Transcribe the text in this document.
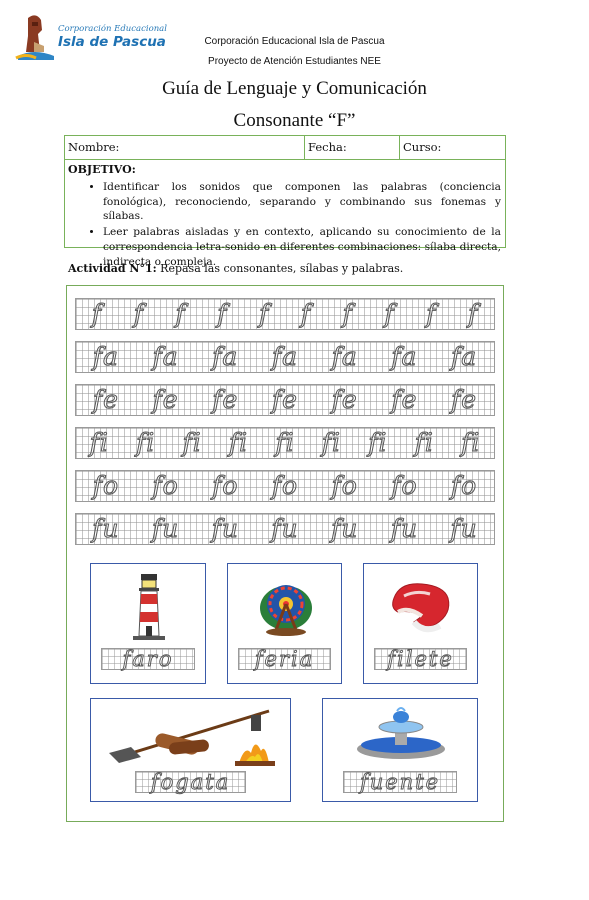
Corporación Educacional
Isla de Pascua	Corporación Educacional Isla de Pascua
Proyecto de Atención Estudiantes NEE
Guía de Lenguaje y Comunicación
Consonante “F”
Nombre:	Fecha:	Curso:
OBJETIVO:
• Identificar los sonidos que componen las palabras (conciencia fonológica), reconociendo, separando y combinando sus fonemas y sílabas.
• Leer palabras aisladas y en contexto, aplicando su conocimiento de la correspondencia letra-sonido en diferentes combinaciones: sílaba directa, indirecta o compleja.
Actividad N°1: Repasa las consonantes, sílabas y palabras.
f f f f f f f f f f
fa fa fa fa fa fa fa
fe fe fe fe fe fe fe
fi fi fi fi fi fi fi fi fi
fo fo fo fo fo fo fo
fu fu fu fu fu fu fu
faro	feria	filete
fogata	fuente
